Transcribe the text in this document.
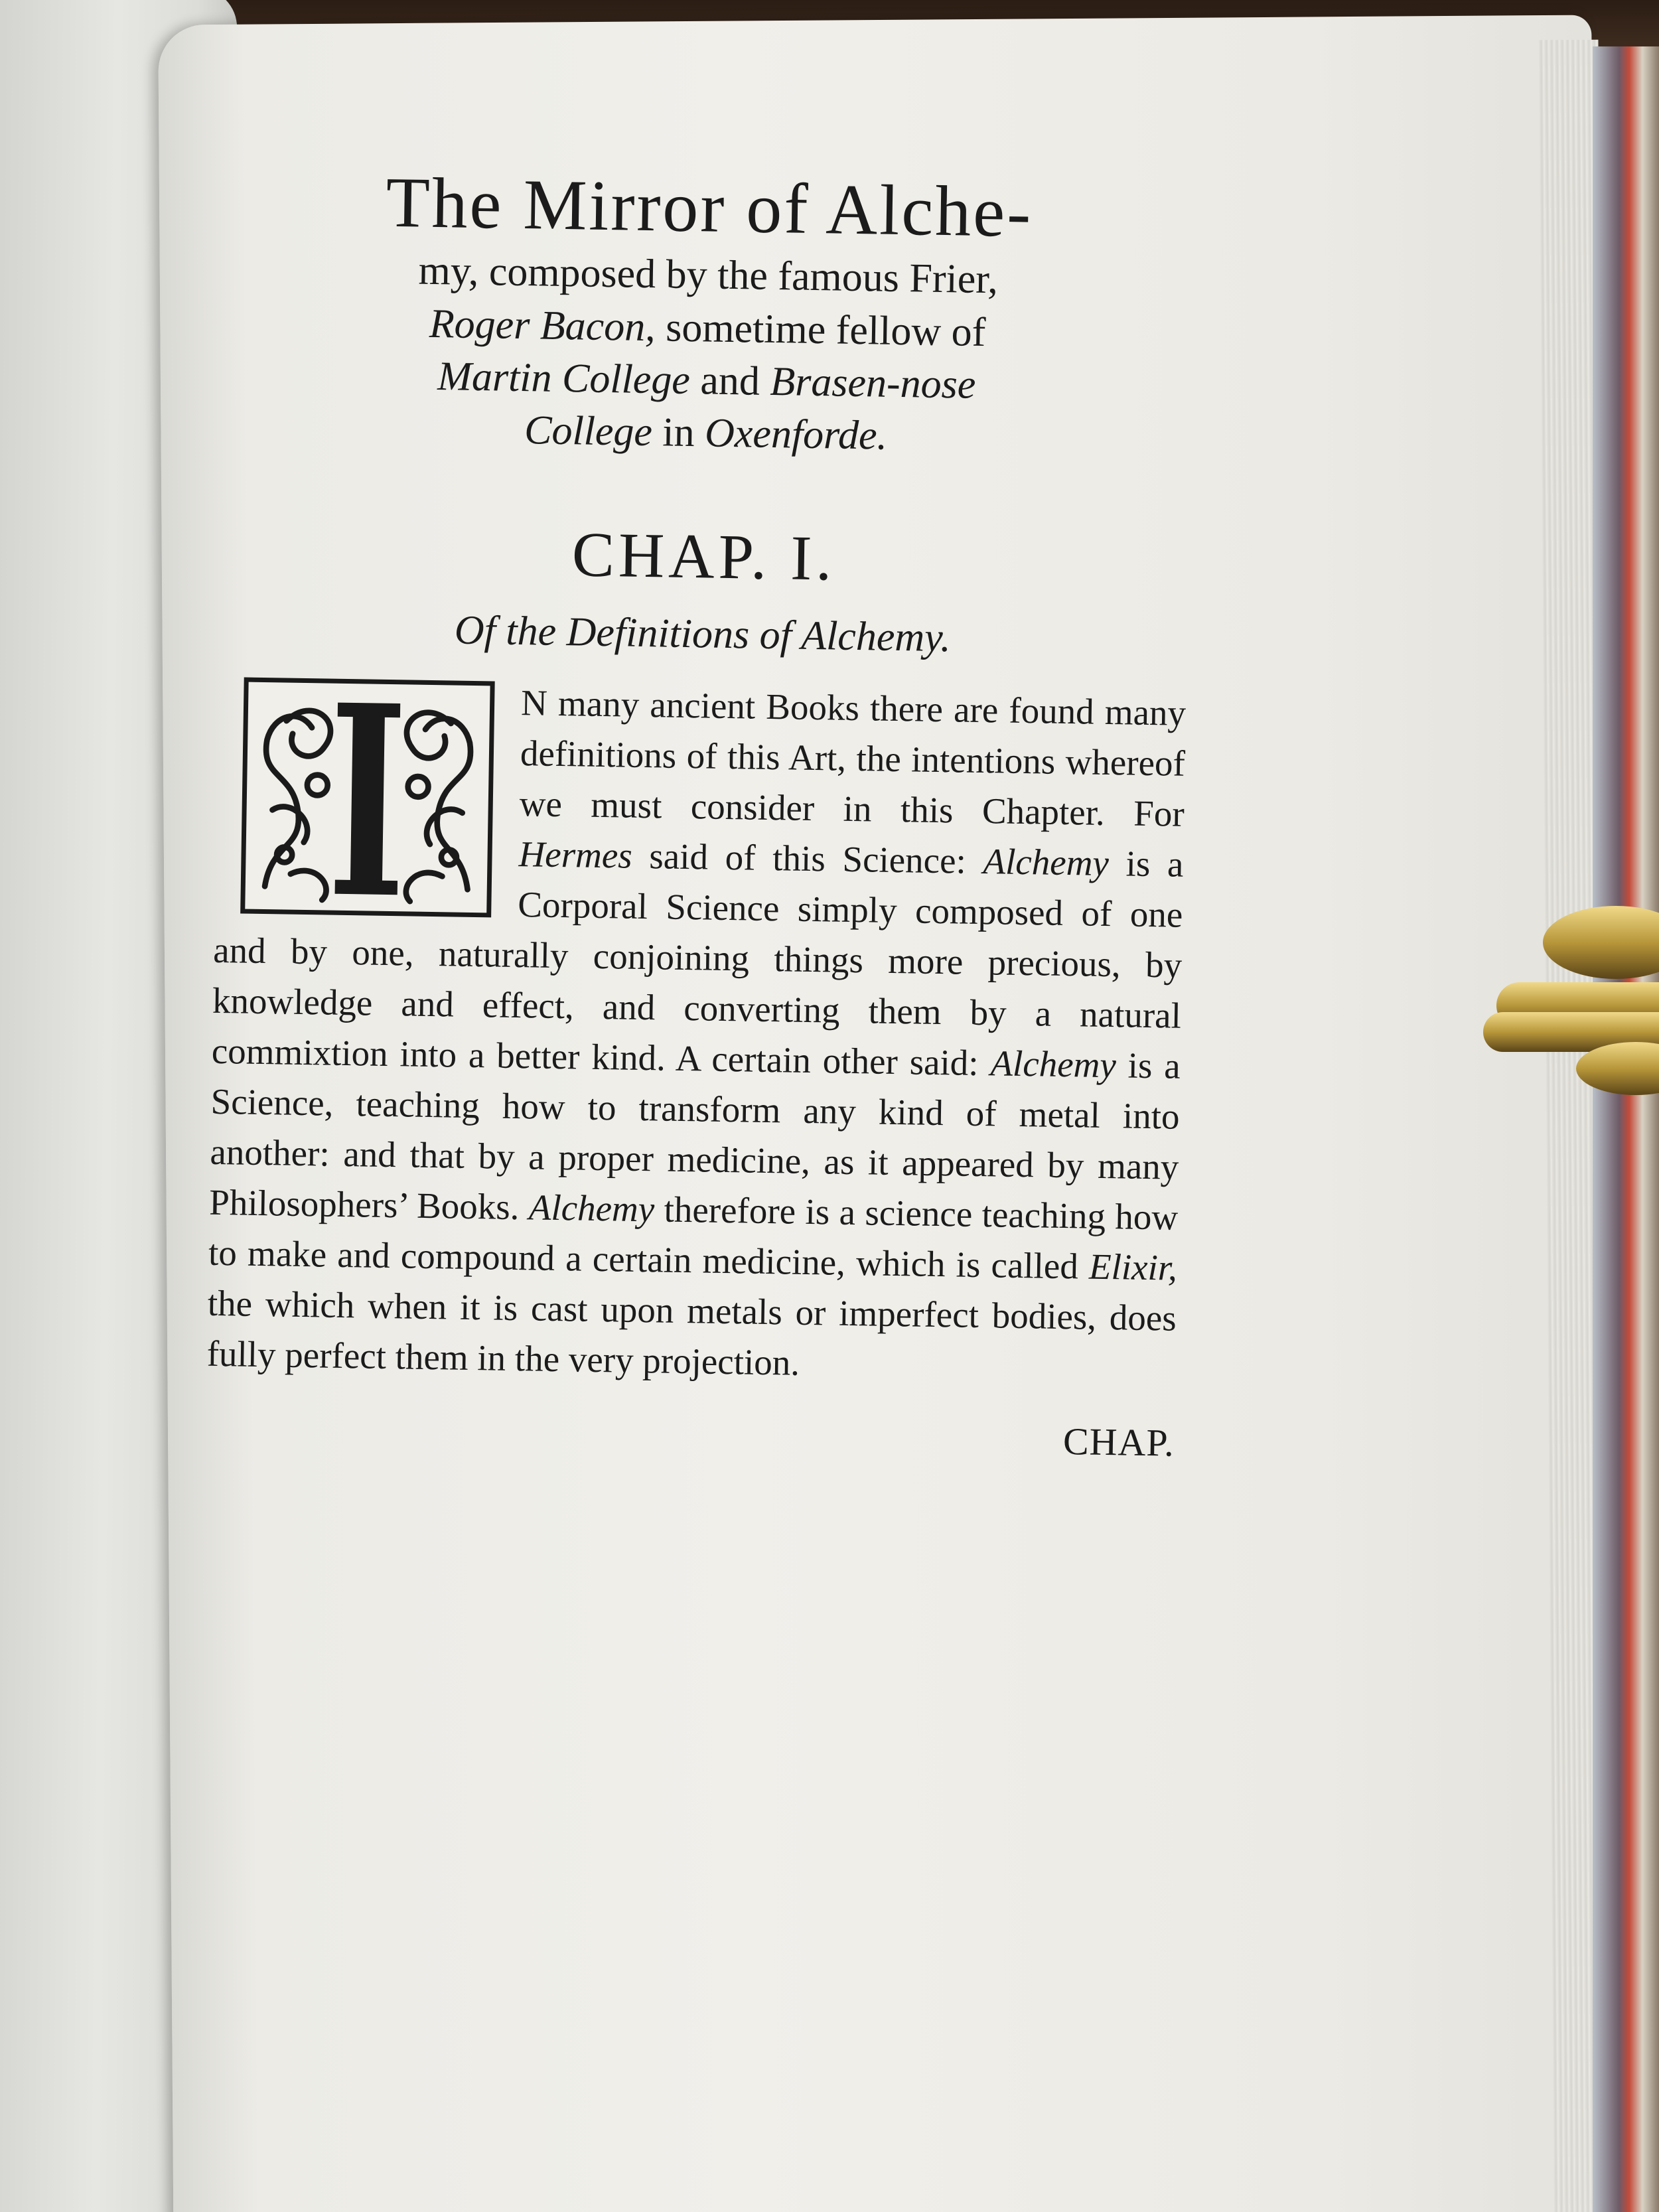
The Mirror of Alche-

my, composed by the famous Frier,

Roger Bacon, sometime fellow of

Martin College and Brasen-nose

College in Oxenforde.

CHAP. I.

Of the Definitions of Alchemy.

N many ancient Books there are found many definitions of this Art, the intentions whereof we must consider in this Chapter. For Hermes said of this Science: Alchemy is a Corporal Science simply composed of one and by one, naturally conjoining things more precious, by knowledge and effect, and converting them by a natural commixtion into a better kind. A certain other said: Alchemy is a Science, teaching how to transform any kind of metal into another: and that by a proper medicine, as it appeared by many Philosophers’ Books. Alchemy therefore is a science teaching how to make and compound a certain medicine, which is called Elixir, the which when it is cast upon metals or imperfect bodies, does fully perfect them in the very projection.
CHAP.
